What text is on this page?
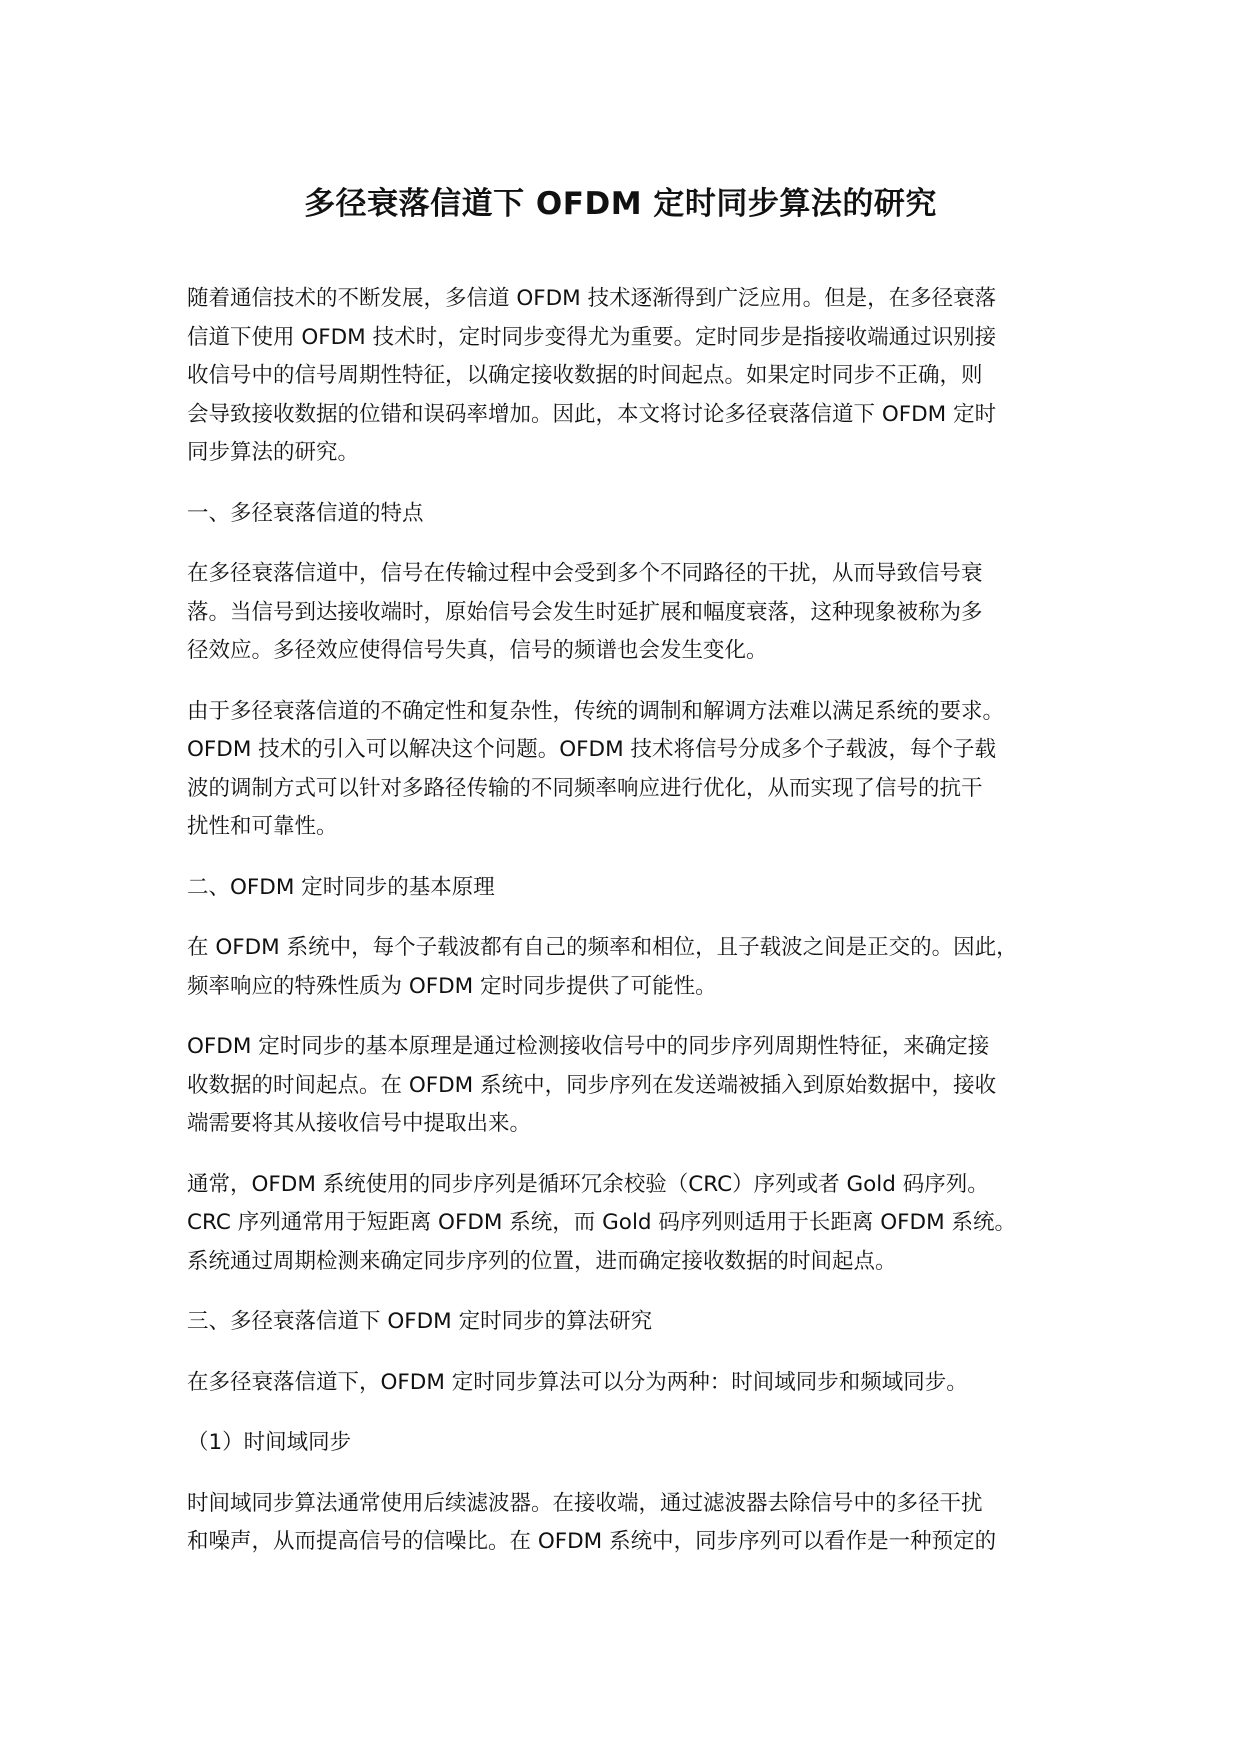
多径衰落信道下 OFDM 定时同步算法的研究
随着通信技术的不断发展，多信道 OFDM 技术逐渐得到广泛应用。但是，在多径衰落
信道下使用 OFDM 技术时，定时同步变得尤为重要。定时同步是指接收端通过识别接
收信号中的信号周期性特征，以确定接收数据的时间起点。如果定时同步不正确，则
会导致接收数据的位错和误码率增加。因此，本文将讨论多径衰落信道下 OFDM 定时
同步算法的研究。
一、多径衰落信道的特点
在多径衰落信道中，信号在传输过程中会受到多个不同路径的干扰，从而导致信号衰
落。当信号到达接收端时，原始信号会发生时延扩展和幅度衰落，这种现象被称为多
径效应。多径效应使得信号失真，信号的频谱也会发生变化。
由于多径衰落信道的不确定性和复杂性，传统的调制和解调方法难以满足系统的要求。
OFDM 技术的引入可以解决这个问题。OFDM 技术将信号分成多个子载波，每个子载
波的调制方式可以针对多路径传输的不同频率响应进行优化，从而实现了信号的抗干
扰性和可靠性。
二、OFDM 定时同步的基本原理
在 OFDM 系统中，每个子载波都有自己的频率和相位，且子载波之间是正交的。因此，
频率响应的特殊性质为 OFDM 定时同步提供了可能性。
OFDM 定时同步的基本原理是通过检测接收信号中的同步序列周期性特征，来确定接
收数据的时间起点。在 OFDM 系统中，同步序列在发送端被插入到原始数据中，接收
端需要将其从接收信号中提取出来。
通常，OFDM 系统使用的同步序列是循环冗余校验（CRC）序列或者 Gold 码序列。
CRC 序列通常用于短距离 OFDM 系统，而 Gold 码序列则适用于长距离 OFDM 系统。
系统通过周期检测来确定同步序列的位置，进而确定接收数据的时间起点。
三、多径衰落信道下 OFDM 定时同步的算法研究
在多径衰落信道下，OFDM 定时同步算法可以分为两种：时间域同步和频域同步。
（1）时间域同步
时间域同步算法通常使用后续滤波器。在接收端，通过滤波器去除信号中的多径干扰
和噪声，从而提高信号的信噪比。在 OFDM 系统中，同步序列可以看作是一种预定的
